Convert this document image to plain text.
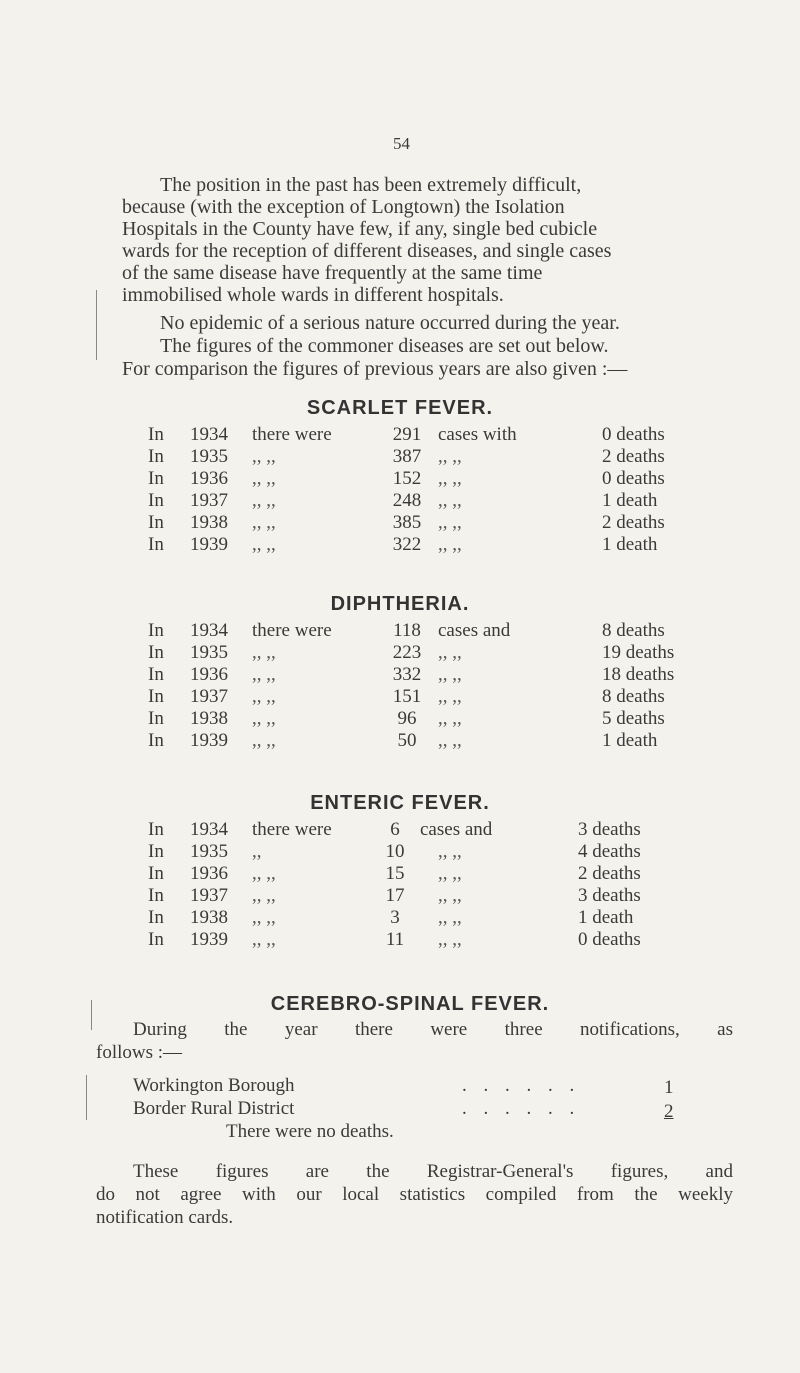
54
The position in the past has been extremely difficult,
because (with the exception of Longtown) the Isolation
Hospitals in the County have few, if any, single bed cubicle
wards for the reception of different diseases, and single cases
of the same disease have frequently at the same time
immobilised whole wards in different hospitals.
No epidemic of a serious nature occurred during the year.
The figures of the commoner diseases are set out below.
For comparison the figures of previous years are also given :—
SCARLET FEVER.
In 1934 there were	291 cases with	0 deaths
In 1935 ,, ,,	387 ,, ,,	2 deaths
In 1936 ,, ,,	152 ,, ,,	0 deaths
In 1937 ,, ,,	248 ,, ,,	1 death
In 1938 ,, ,,	385 ,, ,,	2 deaths
In 1939 ,, ,,	322 ,, ,,	1 death
DIPHTHERIA.
In 1934 there were	118 cases and	8 deaths
In 1935 ,, ,,	223 ,, ,,	19 deaths
In 1936 ,, ,,	332 ,, ,,	18 deaths
In 1937 ,, ,,	151 ,, ,,	8 deaths
In 1938 ,, ,,	96	,, ,,	5 deaths
In 1939 ,, ,,	50	,, ,,	1 death
ENTERIC FEVER.
In 1934 there were	6	cases and	3 deaths
In 1935 ,,	10	,, ,,	4 deaths
In 1936 ,, ,,	15	,, ,,	2 deaths
In 1937 ,, ,,	17	,, ,,	3 deaths
In 1938 ,, ,,	3	,, ,,	1 death
In 1939 ,, ,,	11	,, ,,	0 deaths
CEREBRO-SPINAL FEVER.
During the year there were three notifications, as
follows :—
Workington Borough	. . . . . .	1
Border Rural District	. . . . . .	2
There were no deaths.
These figures are the Registrar-General's figures, and
do not agree with our local statistics compiled from the weekly
notification cards.
